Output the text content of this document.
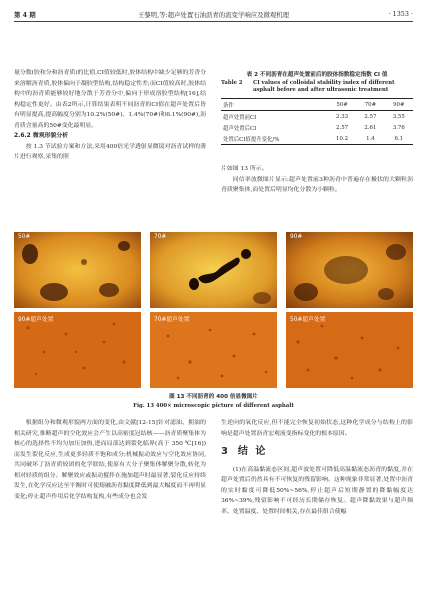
第 4 期	王黎明,等:超声处置石油沥青的流变学响应及微观机理	· 1353 ·

量分数(胶和分和沥青质)的比值,CI值较低时,胶体结构中缺少足够的芳香分来溶解沥青质,胶体偏向于凝胶型结构,结构稳定性差;而CI值较高时,胶体结构中的沥青质能够较好地分散于芳香分中,偏向于形成溶胶型结构[16],结构稳定性更好。由表2所示,计算结果表明不同沥青的CI值在超声处置后皆有明显提高,提高幅度分别为10.2%(50#)、1.4%(70#)和6.1%(90#),沥青质含量高的50#变化最明显。

2.6.2 微观形貌分析

按 1.3 节试验方案和方法,采用400倍光学透射显微镜对沥青试样的薄片进行观察,采集的照

表 2 不同沥青在超声处置前后的胶体指数稳定指数 CI 值
Table 2	CI values of colloidal stability index of different asphalt before and after ultrasonic treatment
条件	50#	70#	90#
超声处置前CI	2.33	2.57	3.55
超声处置后CI	2.57	2.61	3.76
处置后CI值提升变化/%	10.2	1.4	6.1

片如图 13 所示。

同信率放微图片显示:超声处置前3种沥青中普遍存在极状的大颗粒沥青质聚集体,而处置后明显均化分散为小颗粒。

50#	70#	90#
90#超声处置	70#超声处置	50#超声处置
图 13 不同沥青的 400 倍显微图片
Fig. 13 400× microscopic picture of different asphalt

根据组分和微观形貌两方面的变化,由文献[12-15]针对滤油、拥油的相关研究,推断超声的空化效应会产生以高密度冠结核——沥青质聚集体为核心的选择性不均匀加压加热,进而局部达到裂化临界(高于 350 ℃[16])而发生裂化反应,生成更多轻质不饱和成分;机械振动效应与空化效应协同,共同破坏了沥青质较团的化学联结,使原有大分子聚集体解聚分散,转化为相对轻质的组分。解聚效应或振动搅拌在施加超声时最显著,裂化反应持续发生,在化学反应达至平衡时可使熔融沥青黏度降低到最大幅度而不再明显变化;停止超声作用后化学结构复构,有些成分也会发

生逆向的氧化反应,但不能完全恢复初始状态,这种化学成分与结构上的影响是超声处置沥青宏观流变指标变化的根本原因。

3 结 论

(1)在高温黏流态区间,超声波处置可降低高温黏流态沥青的黏度,并在超声处置后仍然具有不可恢复的残留影响。这种现象非常显著,处置中沥青的实时黏度可降低50%~56%,停止超声后短期静置的降黏幅度达36%~39%,残留影响不可经历长期储存恢复。超声降黏效果与超声频率、处置温度、处置时间相关,存在最佳组合使幅
